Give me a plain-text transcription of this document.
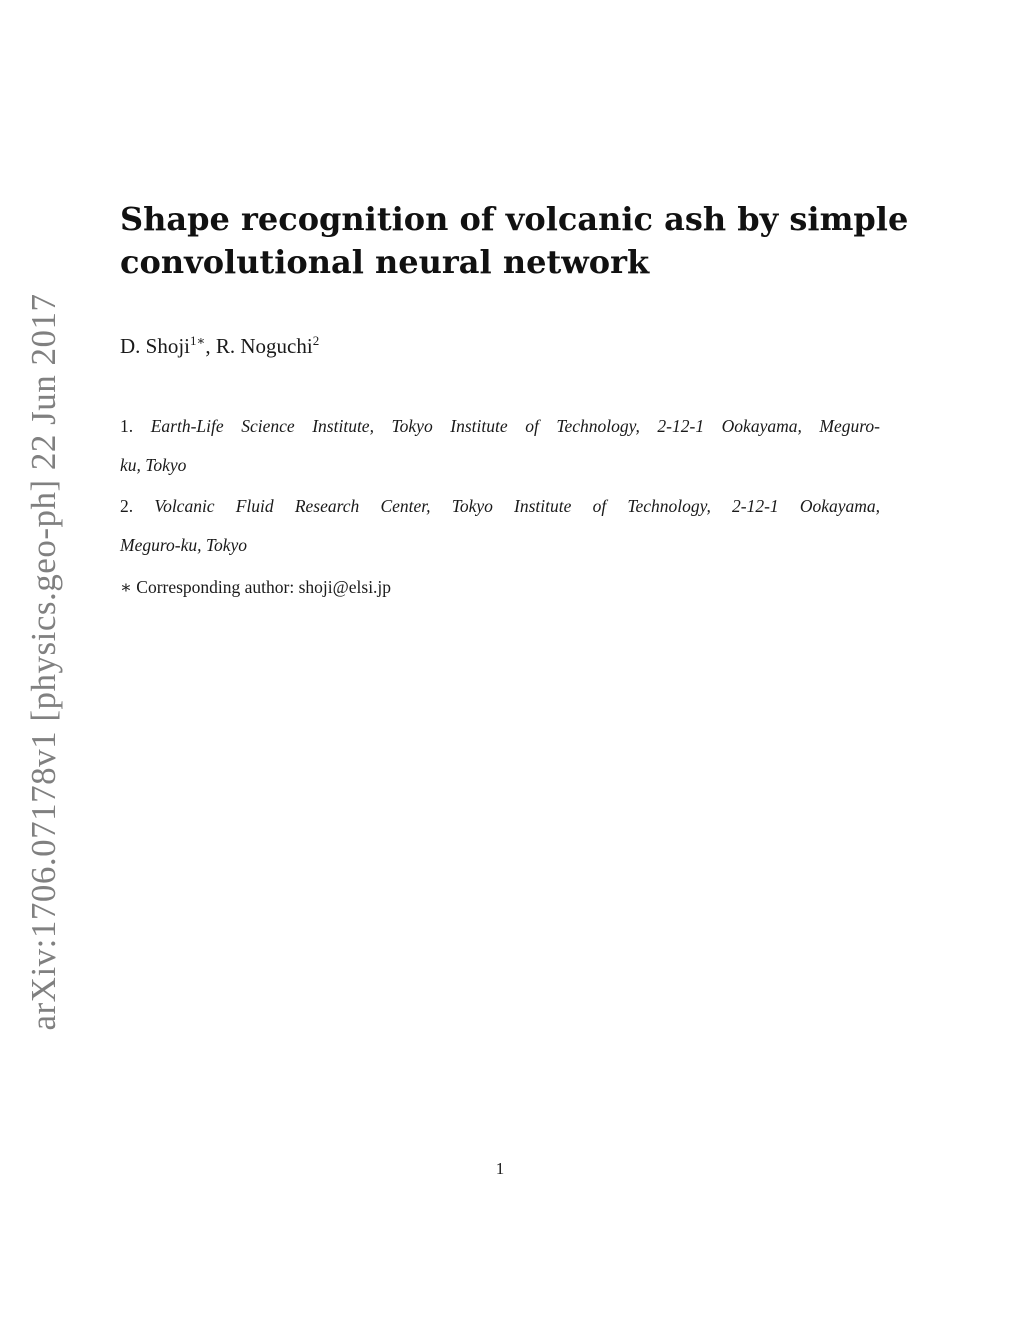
arXiv:1706.07178v1 [physics.geo-ph] 22 Jun 2017
Shape recognition of volcanic ash by simple
convolutional neural network
D. Shoji$^{1∗}$, R. Noguchi$^2$
1. Earth-Life Science Institute, Tokyo Institute of Technology, 2-12-1 Ookayama, Meguro-
ku, Tokyo
2. Volcanic Fluid Research Center, Tokyo Institute of Technology, 2-12-1 Ookayama,
Meguro-ku, Tokyo
∗ Corresponding author: shoji@elsi.jp
1
